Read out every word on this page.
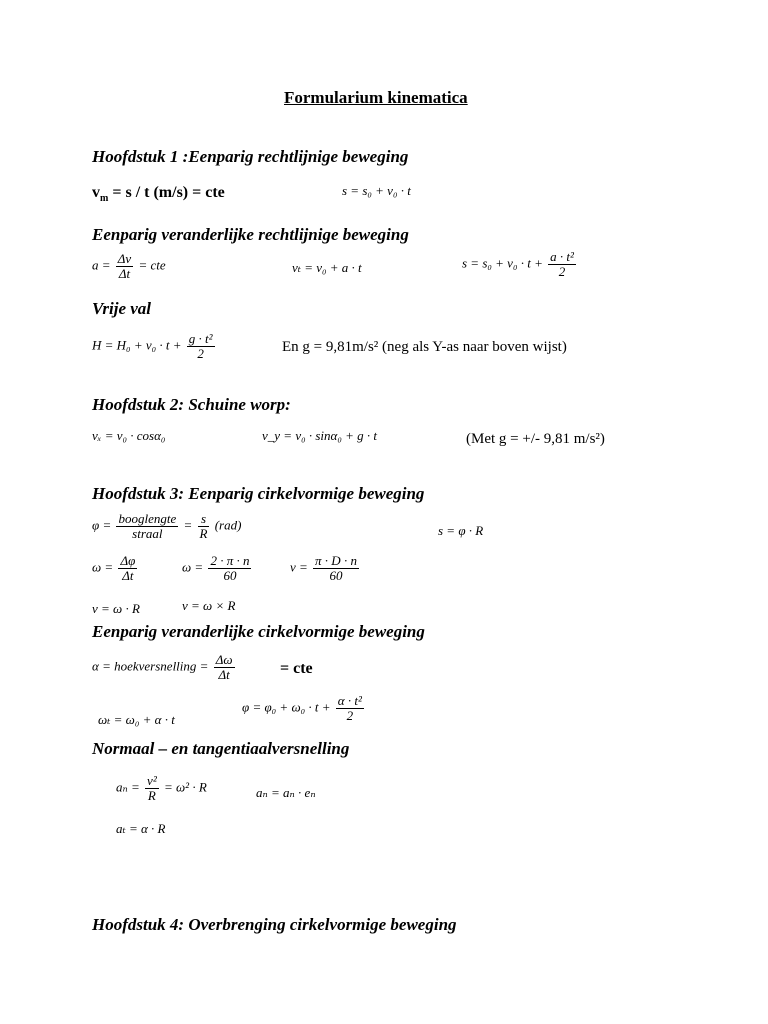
Formularium kinematica
Hoofdstuk 1 :Eenparig rechtlijnige beweging
$v_m = s / t$ (m/s) = cte	s = s₀ + v₀ · t
Eenparig veranderlijke rechtlijnige beweging
$a = \frac{\Delta v}{\Delta t}$ = cte	vₜ = v₀ + a · t	$s = s_0 + v_0 \cdot t + \frac{\text{a · t²}}{2}$
Vrije val
$H = H_0 + v_0 \cdot t + \frac{\text{g · t²}}{2}$	En g = 9,81m/s² (neg als Y-as naar boven wijst)
Hoofdstuk 2: Schuine worp:
vₓ = v₀ · cosα₀	v_y = v₀ · sinα₀ + g · t	(Met g = +/- 9,81 m/s²)
Hoofdstuk 3: Eenparig cirkelvormige beweging
$\varphi = \frac{\text{booglengte}}{\text{straal}} = \frac{s}{R} (rad)$	s = φ · R
$\omega = \frac{\Delta\varphi}{\Delta t}$	$\omega = \frac{2 \cdot \pi \cdot n}{60}$	$v = \frac{\pi \cdot D \cdot n}{60}$
v = ω · R	v = ω × R
Eenparig veranderlijke cirkelvormige beweging
α = hoekversnelling = $\frac{\Delta\omega}{\Delta t}$	= cte
ωₜ = ω₀ + α · t
$\varphi = \varphi_0 + \omega_0 \cdot t + \frac{\text{α · t²}}{2}$
Normaal – en tangentiaalversnelling
$a_n = \frac{\text{v²}}{R} = \omega^2 \cdot R$	aₙ = aₙ · eₙ
aₜ = α · R
Hoofdstuk 4: Overbrenging cirkelvormige beweging
